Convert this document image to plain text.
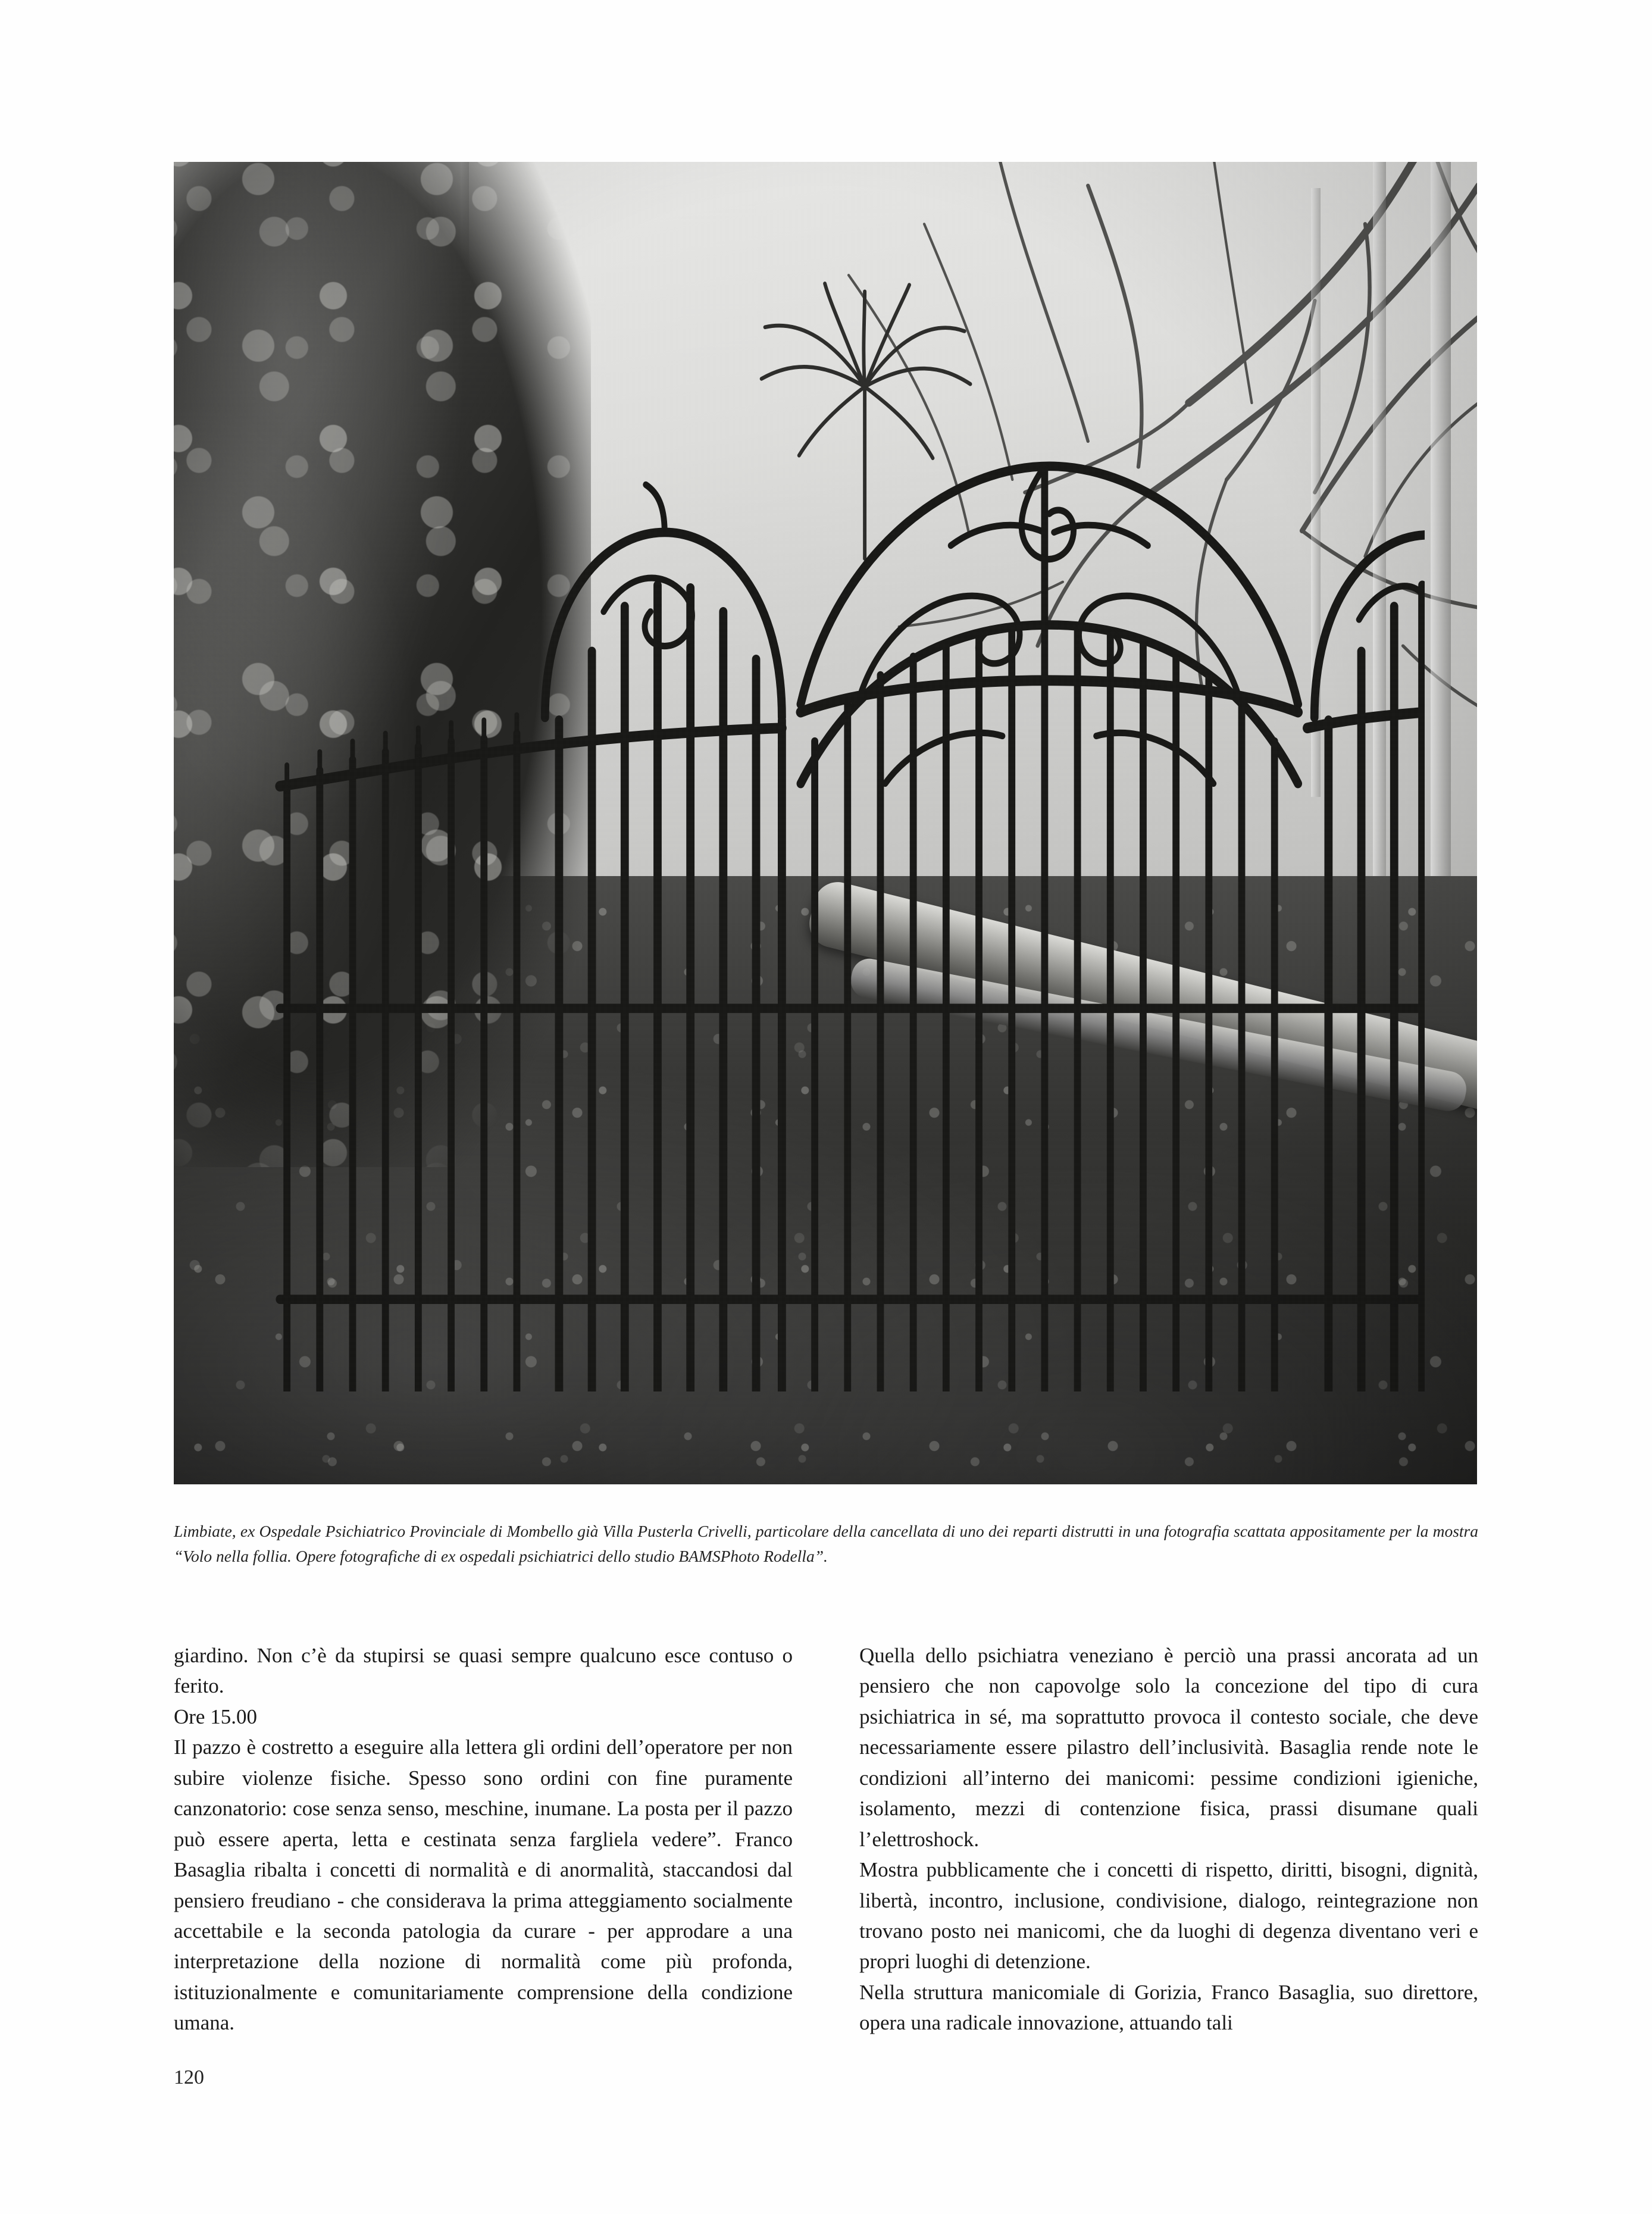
Limbiate, ex Ospedale Psichiatrico Provinciale di Mombello già Villa Pusterla Crivelli, particolare della cancellata di uno dei reparti distrutti in una fotografia scattata appositamente per la mostra “Volo nella follia. Opere fotografiche di ex ospedali psichiatrici dello studio BAMSPhoto Rodella”.

giardino. Non c’è da stupirsi se quasi sempre qualcuno esce contuso o ferito.

Ore 15.00

Il pazzo è costretto a eseguire alla lettera gli ordini dell’operatore per non subire violenze fisiche. Spesso sono ordini con fine puramente canzonatorio: cose senza senso, meschine, inumane. La posta per il pazzo può essere aperta, letta e cestinata senza fargliela vedere”. Franco Basaglia ribalta i concetti di normalità e di anormalità, staccandosi dal pensiero freudiano - che considerava la prima atteggiamento socialmente accettabile e la seconda patologia da curare - per approdare a una interpretazione della nozione di normalità come più profonda, istituzionalmente e comunitariamente comprensione della condizione umana.

Quella dello psichiatra veneziano è perciò una prassi ancorata ad un pensiero che non capovolge solo la concezione del tipo di cura psichiatrica in sé, ma soprattutto provoca il contesto sociale, che deve necessariamente essere pilastro dell’inclusività. Basaglia rende note le condizioni all’interno dei manicomi: pessime condizioni igieniche, isolamento, mezzi di contenzione fisica, prassi disumane quali l’elettroshock.

Mostra pubblicamente che i concetti di rispetto, diritti, bisogni, dignità, libertà, incontro, inclusione, condivisione, dialogo, reintegrazione non trovano posto nei manicomi, che da luoghi di degenza diventano veri e propri luoghi di detenzione.

Nella struttura manicomiale di Gorizia, Franco Basaglia, suo direttore, opera una radicale innovazione, attuando tali

120
